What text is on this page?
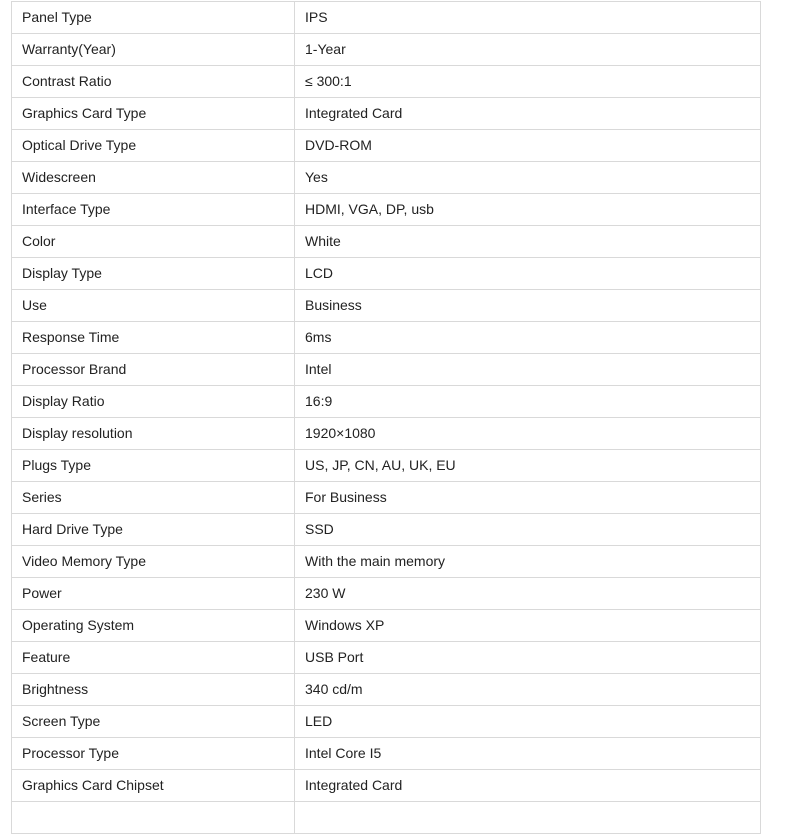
Panel Type	IPS
Warranty(Year)	1-Year
Contrast Ratio	≤ 300:1
Graphics Card Type	Integrated Card
Optical Drive Type	DVD-ROM
Widescreen	Yes
Interface Type	HDMI, VGA, DP, usb
Color	White
Display Type	LCD
Use	Business
Response Time	6ms
Processor Brand	Intel
Display Ratio	16:9
Display resolution	1920×1080
Plugs Type	US, JP, CN, AU, UK, EU
Series	For Business
Hard Drive Type	SSD
Video Memory Type	With the main memory
Power	230 W
Operating System	Windows XP
Feature	USB Port
Brightness	340 cd/m
Screen Type	LED
Processor Type	Intel Core I5
Graphics Card Chipset	Integrated Card
